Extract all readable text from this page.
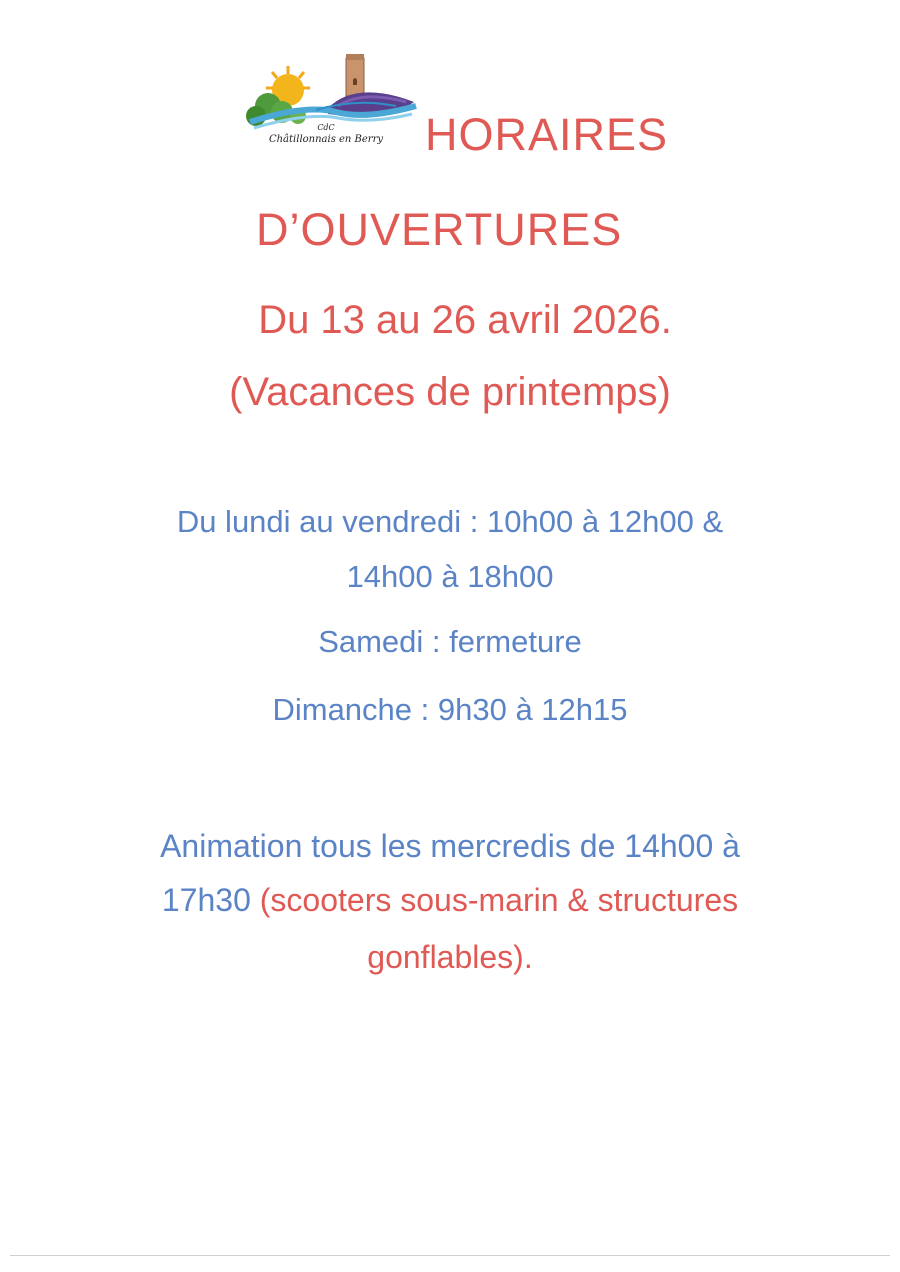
CdC
Châtillonnais en Berry HORAIRES
D’OUVERTURES
Du 13 au 26 avril 2026.
(Vacances de printemps)
Du lundi au vendredi : 10h00 à 12h00 &
14h00 à 18h00
Samedi : fermeture
Dimanche : 9h30 à 12h15
Animation tous les mercredis de 14h00 à
17h30 (scooters sous-marin & structures
gonflables).
